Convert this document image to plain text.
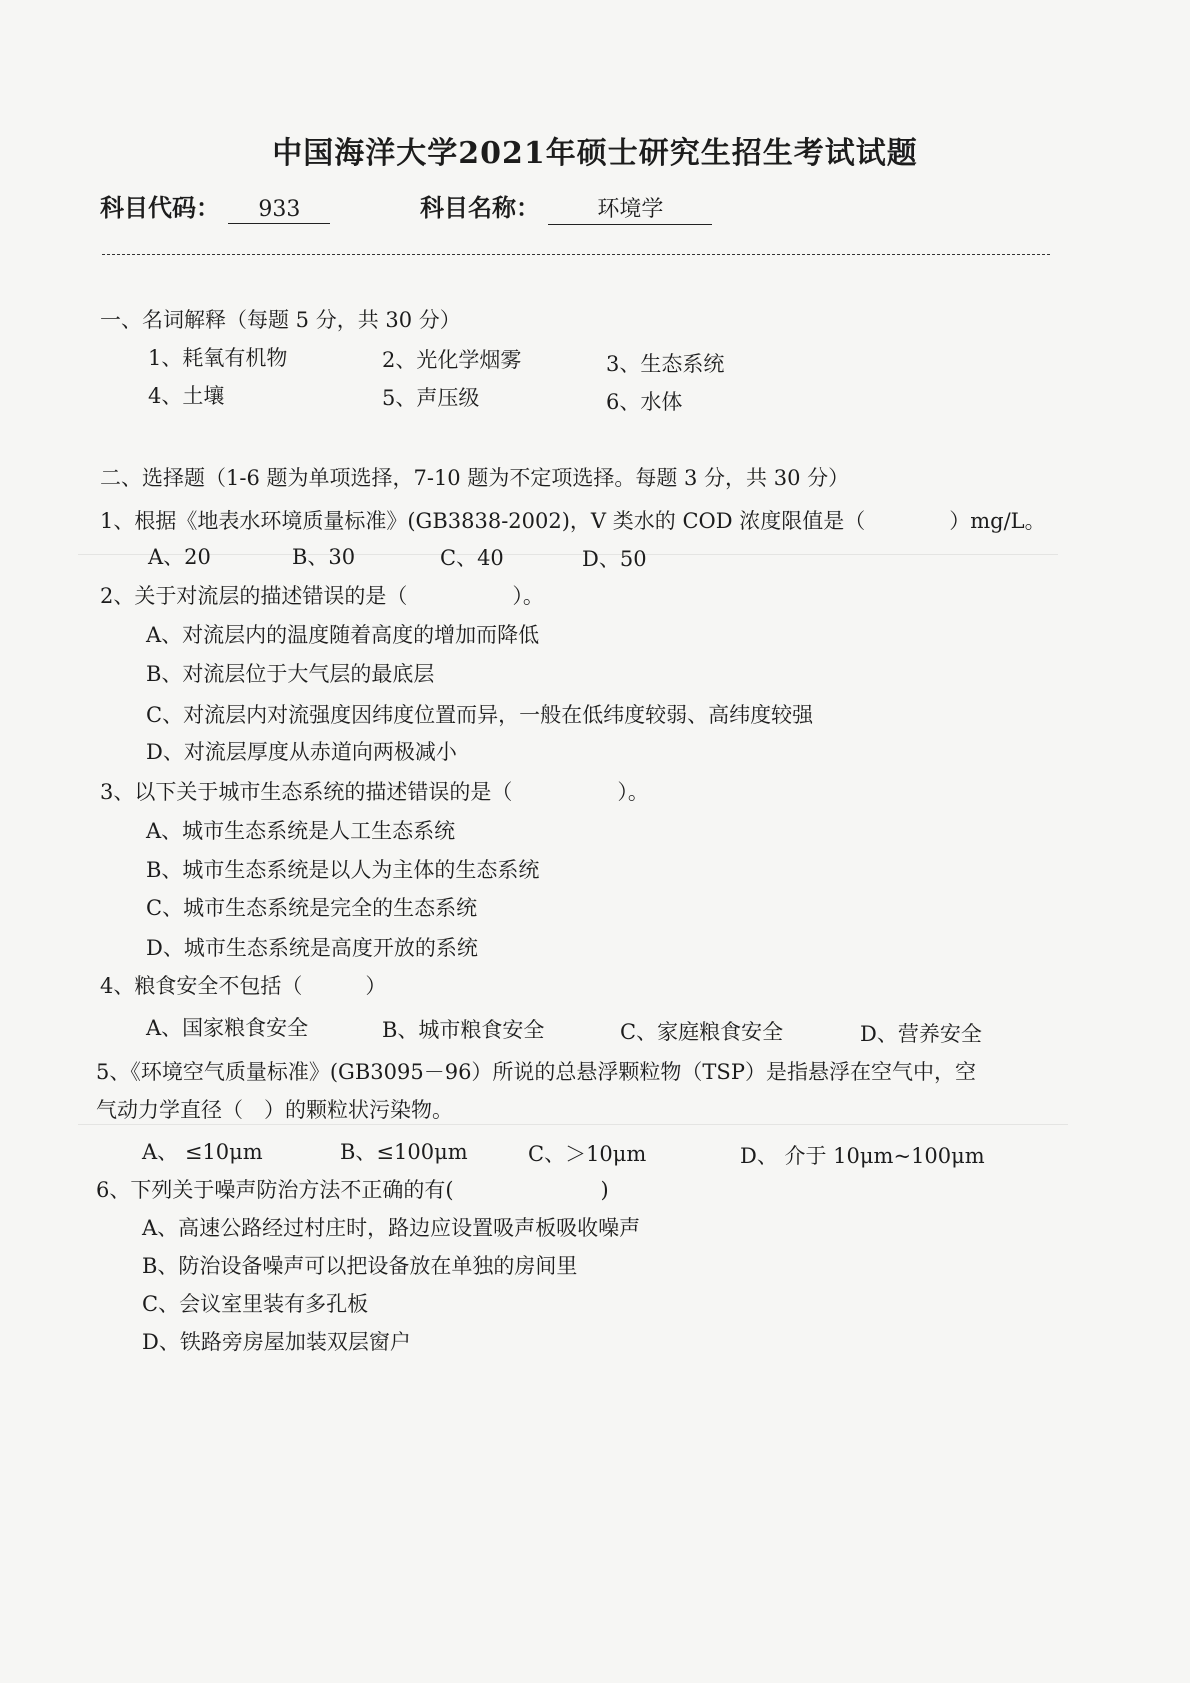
中国海洋大学2021年硕士研究生招生考试试题
科目代码： 933	科目名称：	环境学
一、名词解释（每题 5 分，共 30 分）
1、耗氧有机物	2、光化学烟雾	3、生态系统
4、土壤	5、声压级	6、水体
二、选择题（1-6 题为单项选择，7-10 题为不定项选择。每题 3 分，共 30 分）
1、根据《地表水环境质量标准》(GB3838-2002)，V 类水的 COD 浓度限值是（　　　　）mg/L。
A、20	B、30	C、40	D、50
2、关于对流层的描述错误的是（　　　　　）。
A、对流层内的温度随着高度的增加而降低
B、对流层位于大气层的最底层
C、对流层内对流强度因纬度位置而异，一般在低纬度较弱、高纬度较强
D、对流层厚度从赤道向两极减小
3、以下关于城市生态系统的描述错误的是（　　　　　）。
A、城市生态系统是人工生态系统
B、城市生态系统是以人为主体的生态系统
C、城市生态系统是完全的生态系统
D、城市生态系统是高度开放的系统
4、粮食安全不包括（　　　）
A、国家粮食安全	B、城市粮食安全	C、家庭粮食安全	D、营养安全
5、《环境空气质量标准》(GB3095－96）所说的总悬浮颗粒物（TSP）是指悬浮在空气中，空
气动力学直径（　）的颗粒状污染物。
A、 ≤10μm	B、≤100μm	C、＞10μm	D、 介于 10μm~100μm
6、下列关于噪声防治方法不正确的有(　　　　　　　)
A、高速公路经过村庄时，路边应设置吸声板吸收噪声
B、防治设备噪声可以把设备放在单独的房间里
C、会议室里装有多孔板
D、铁路旁房屋加装双层窗户
